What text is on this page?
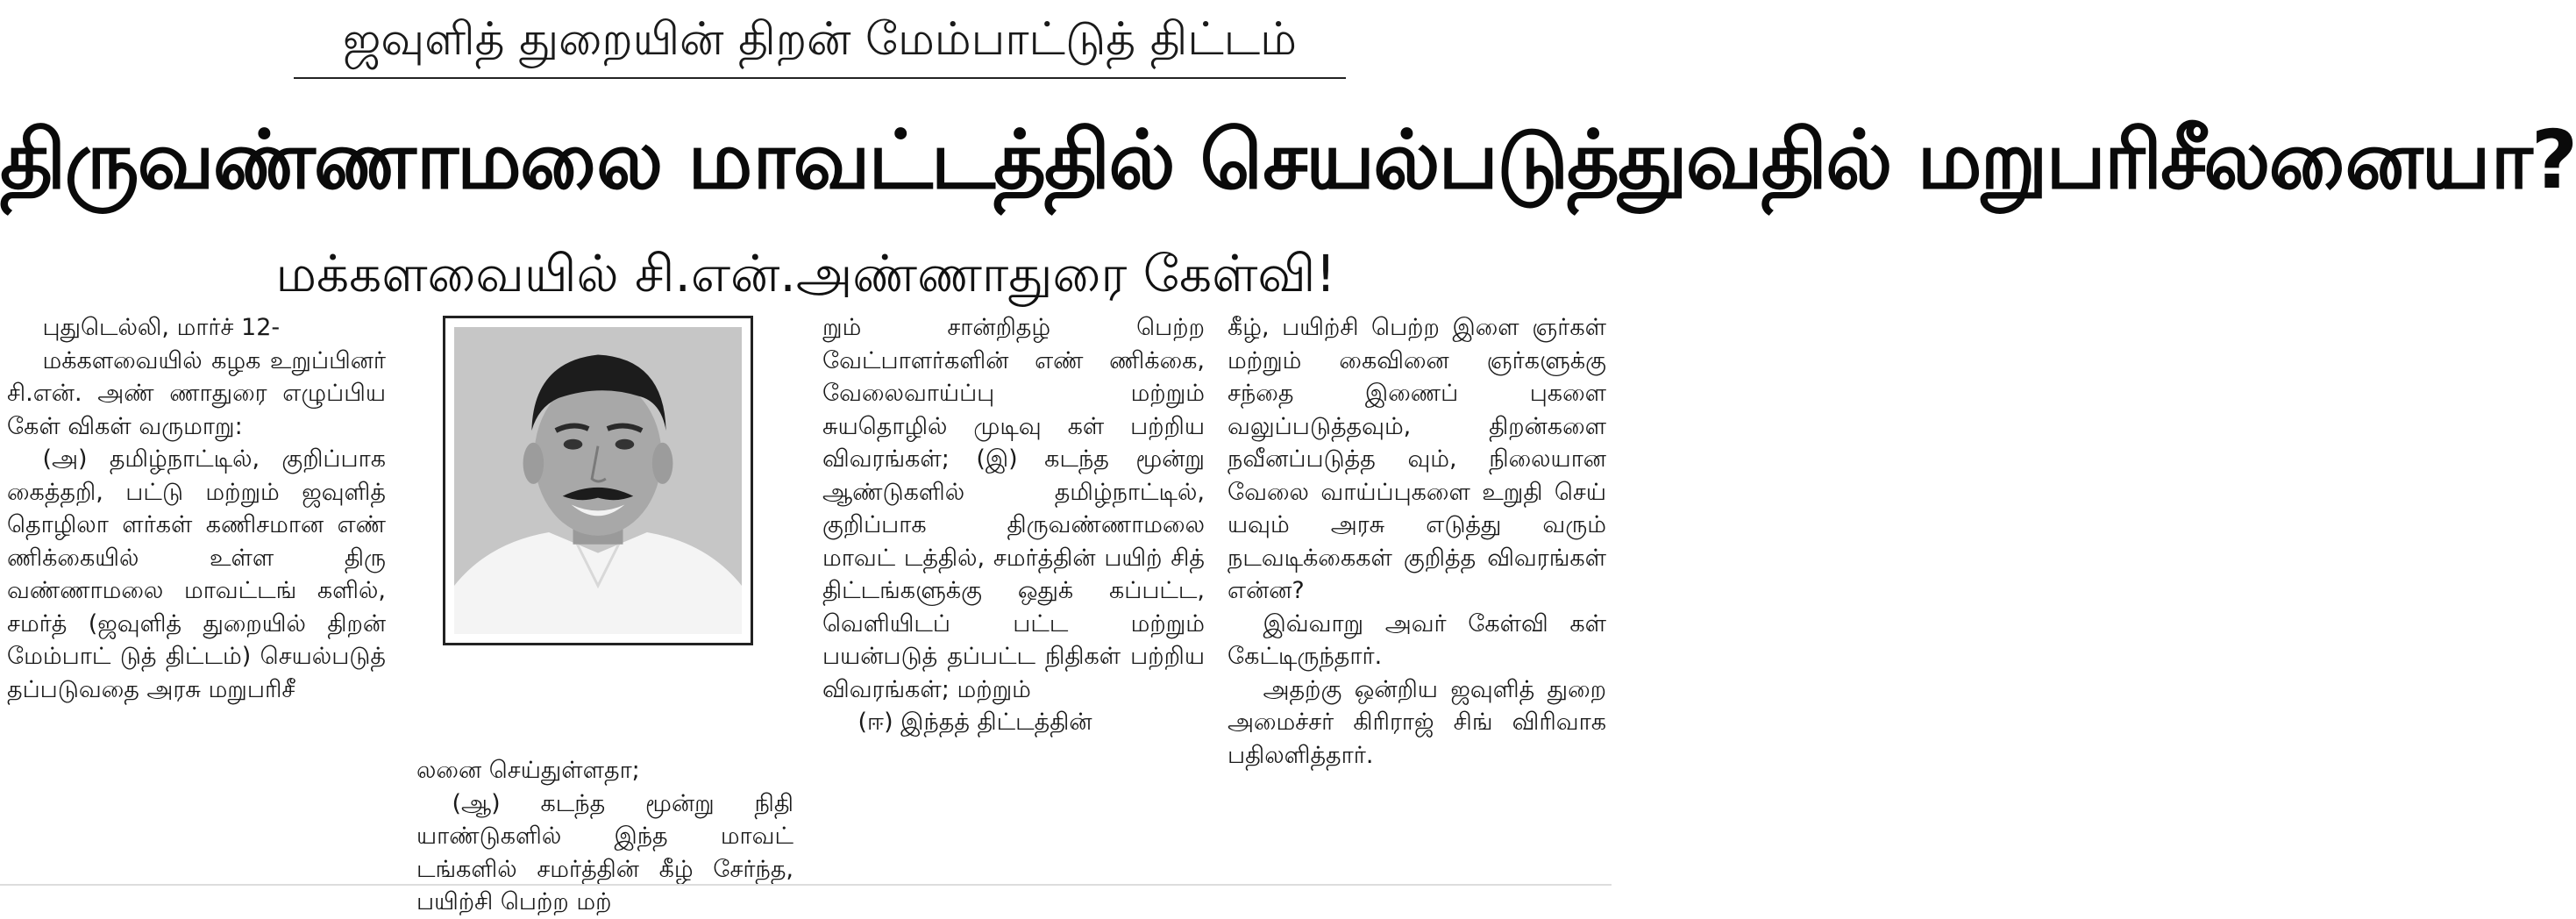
ஜவுளித் துறையின் திறன் மேம்பாட்டுத் திட்டம்
திருவண்ணாமலை மாவட்டத்தில் செயல்படுத்துவதில் மறுபரிசீலனையா?
மக்களவையில் சி.என்.அண்ணாதுரை கேள்வி!

புதுடெல்லி, மார்ச் 12-

மக்களவையில் கழக உறுப்பினர் சி.என். அண் ணாதுரை எழுப்பிய கேள் விகள் வருமாறு:

(அ) தமிழ்நாட்டில், குறிப்பாக கைத்தறி, பட்டு மற்றும் ஜவுளித் தொழிலா ளர்கள் கணிசமான எண் ணிக்கையில் உள்ள திரு வண்ணாமலை மாவட்டங் களில், சமர்த் (ஜவுளித் துறையில் திறன் மேம்பாட் டுத் திட்டம்) செயல்படுத் தப்படுவதை அரசு மறுபரிசீ

லனை செய்துள்ளதா;

(ஆ) கடந்த மூன்று நிதி யாண்டுகளில் இந்த மாவட் டங்களில் சமர்த்தின் கீழ் சேர்ந்த, பயிற்சி பெற்ற மற்

றும் சான்றிதழ் பெற்ற வேட்பாளர்களின் எண் ணிக்கை, வேலைவாய்ப்பு மற்றும் சுயதொழில் முடிவு கள் பற்றிய விவரங்கள்; (இ) கடந்த மூன்று ஆண்டுகளில் தமிழ்நாட்டில், குறிப்பாக திருவண்ணாமலை மாவட் டத்தில், சமர்த்தின் பயிற் சித் திட்டங்களுக்கு ஒதுக் கப்பட்ட, வெளியிடப் பட்ட மற்றும் பயன்படுத் தப்பட்ட நிதிகள் பற்றிய விவரங்கள்; மற்றும்

(ஈ) இந்தத் திட்டத்தின்

கீழ், பயிற்சி பெற்ற இளை ஞர்கள் மற்றும் கைவினை ஞர்களுக்கு சந்தை இணைப் புகளை வலுப்படுத்தவும், திறன்களை நவீனப்படுத்த வும், நிலையான வேலை வாய்ப்புகளை உறுதி செய் யவும் அரசு எடுத்து வரும் நடவடிக்கைகள் குறித்த விவரங்கள் என்ன?

இவ்வாறு அவர் கேள்வி கள் கேட்டிருந்தார்.

அதற்கு ஒன்றிய ஜவுளித் துறை அமைச்சர் கிரிராஜ் சிங் விரிவாக பதிலளித்தார்.
